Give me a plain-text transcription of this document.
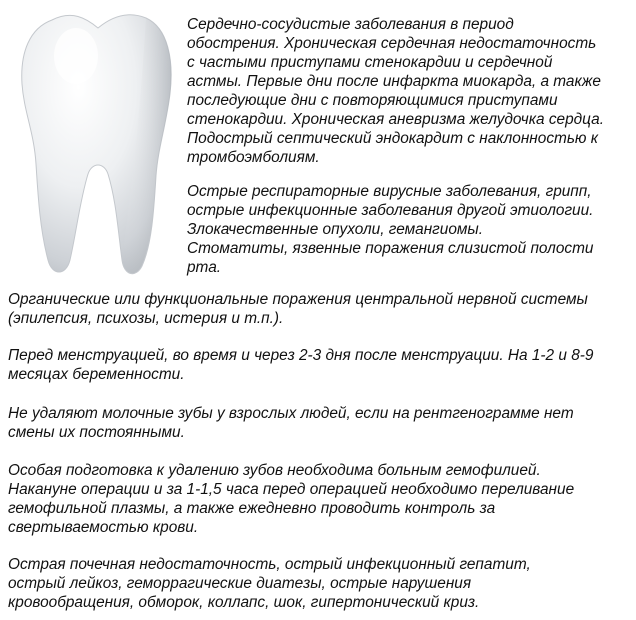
Сердечно-сосудистые заболевания в период
обострения. Хроническая сердечная недостаточность
с частыми приступами стенокардии и сердечной
астмы. Первые дни после инфаркта миокарда, а также
последующие дни с повторяющимися приступами
стенокардии. Хроническая аневризма желудочка сердца.
Подострый септический эндокардит с наклонностью к
тромбоэмболиям.
Острые респираторные вирусные заболевания, грипп,
острые инфекционные заболевания другой этиологии.
Злокачественные опухоли, гемангиомы.
Стоматиты, язвенные поражения слизистой полости
рта.
Органические или функциональные поражения центральной нервной системы
(эпилепсия, психозы, истерия и т.п.).
Перед менструацией, во время и через 2-3 дня после менструации. На 1-2 и 8-9
месяцах беременности.
Не удаляют молочные зубы у взрослых людей, если на рентгенограмме нет
смены их постоянными.
Особая подготовка к удалению зубов необходима больным гемофилией.
Накануне операции и за 1-1,5 часа перед операцией необходимо переливание
гемофильной плазмы, а также ежедневно проводить контроль за
свертываемостью крови.
Острая почечная недостаточность, острый инфекционный гепатит,
острый лейкоз, геморрагические диатезы, острые нарушения
кровообращения, обморок, коллапс, шок, гипертонический криз.
